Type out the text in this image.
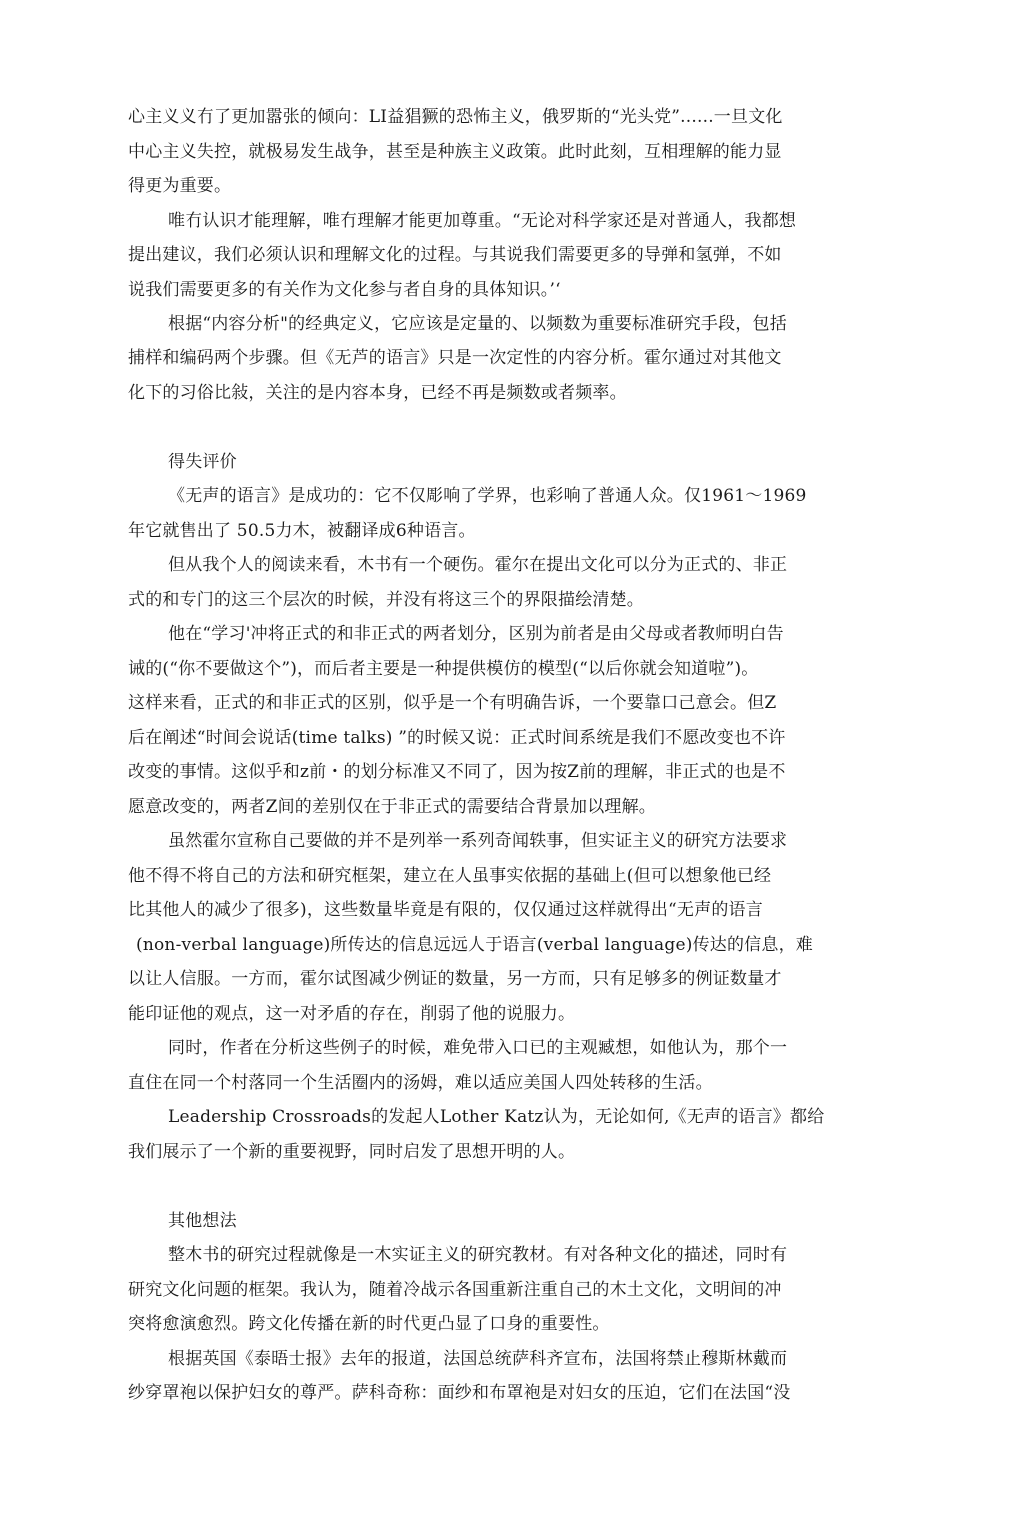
心主义义冇了更加嚣张的倾向：LI益猖獗的恐怖主义，俄罗斯的“光头党”......一旦文化
中心主义失控，就极易发生战争，甚至是种族主义政策。此时此刻，互相理解的能力显
得更为重要。
唯冇认识才能理解，唯冇理解才能更加尊重。“无论对科学家还是对普通人，我都想
提出建议，我们必须认识和理解文化的过程。与其说我们需要更多的导弹和氢弹，不如
说我们需要更多的有关作为文化参与者自身的具体知识。’‘
根据“内容分析"的经典定义，它应该是定量的、以频数为重要标准研究手段，包括
捕样和编码两个步骤。但《无芦的语言》只是一次定性的内容分析。霍尔通过对其他文
化下的习俗比敍，关注的是内容本身，已经不再是频数或者频率。
得失评价
《无声的语言》是成功的：它不仅彫响了学界，也彩响了普通人众。仅1961～1969
年它就售出了 50.5力木，被翻译成6种语言。
但从我个人的阅读来看，木书有一个硬伤。霍尔在提出文化可以分为正式的、非正
式的和专门的这三个层次的时候，并没有将这三个的界限描绘清楚。
他在“学习'冲将正式的和非正式的两者划分，区别为前者是由父母或者教师明白告
诫的(“你不要做这个”)，而后者主要是一种提供模仿的模型(“以后你就会知道啦”)。
这样来看，正式的和非正式的区别，似乎是一个有明确告诉，一个要靠口己意会。但Z
后在阐述“时间会说话(time talks) ”的时候又说：正式时间系统是我们不愿改变也不许
改变的事情。这似乎和z前・的划分标准又不同了，因为按Z前的理解，非正式的也是不
愿意改变的，两者Z间的差别仅在于非正式的需要结合背景加以理解。
虽然霍尔宣称自己要做的并不是列举一系列奇闻轶事，但实证主义的研究方法要求
他不得不将自己的方法和研究框架，建立在人虽事实依据的基础上(但可以想象他已经
比其他人的减少了很多)，这些数量毕竟是有限的，仅仅通过这样就得出“无声的语言
(non-verbal language)所传达的信息远远人于语言(verbal language)传达的信息，难
以让人信服。一方而，霍尔试图减少例证的数量，另一方而，只有足够多的例证数量才
能印证他的观点，这一对矛盾的存在，削弱了他的说服力。
同时，作者在分析这些例子的时候，难免带入口已的主观臧想，如他认为，那个一
直住在同一个村落同一个生活圈内的汤姆，难以适应美国人四处转移的生活。
Leadership Crossroads的发起人Lother Katz认为，无论如何,《无声的语言》都给
我们展示了一个新的重要视野，同时启发了思想开明的人。
其他想法
整木书的研究过程就像是一木实证主义的研究教材。有对各种文化的描述，同时有
研究文化问题的框架。我认为，随着冷战示各国重新注重自己的木土文化，文明间的冲
突将愈演愈烈。跨文化传播在新的时代更凸显了口身的重要性。
根据英国《泰晤士报》去年的报道，法国总统萨科齐宣布，法国将禁止穆斯林戴而
纱穿罩袍以保护妇女的尊严。萨科奇称：面纱和布罩袍是对妇女的压迫，它们在法国“没
